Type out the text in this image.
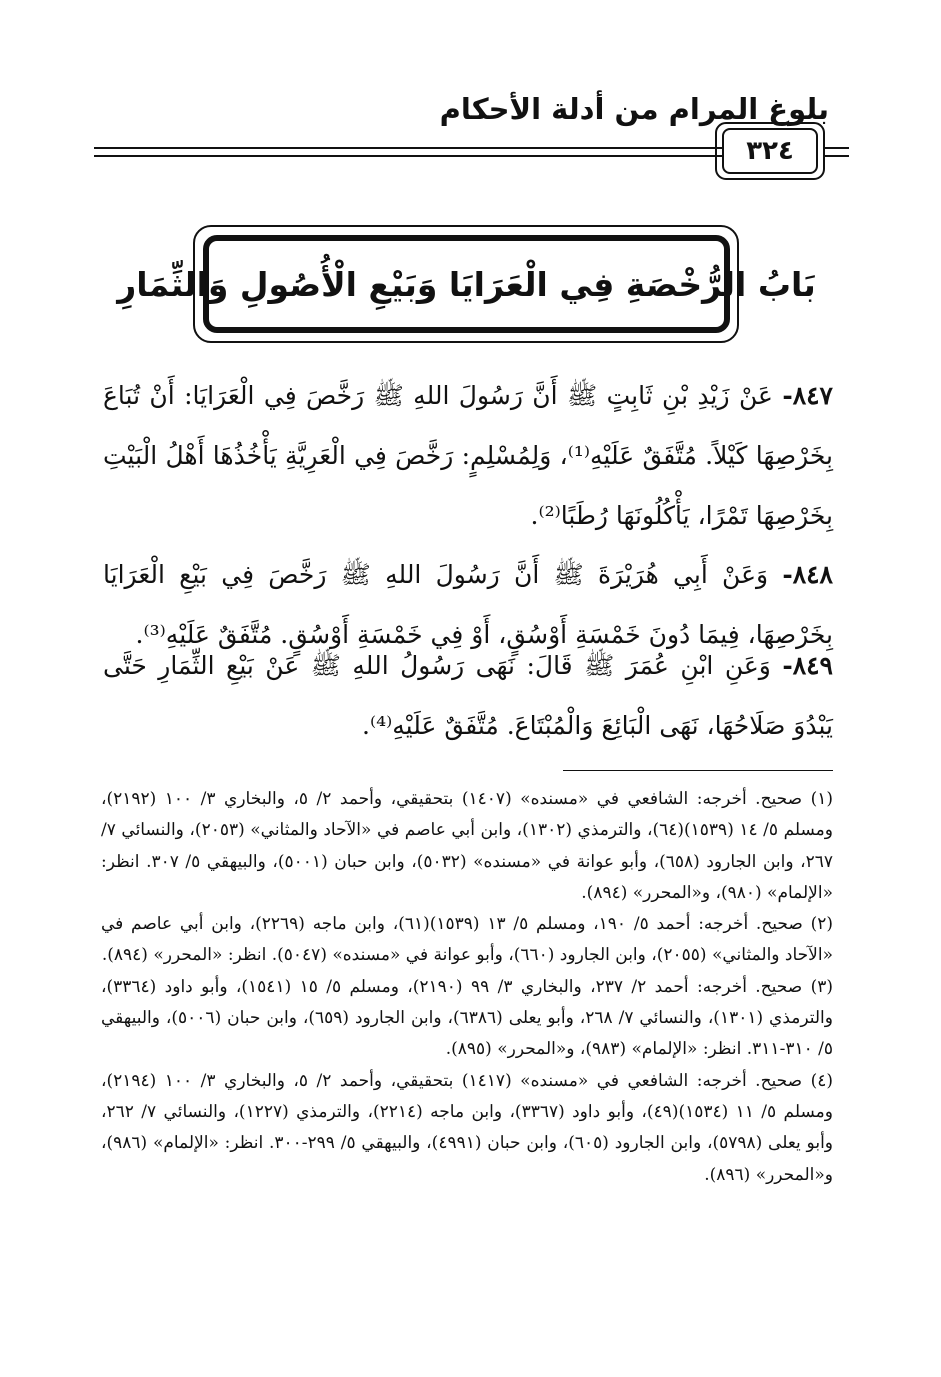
بلوغ المرام من أدلة الأحكام
٣٢٤
بَابُ الرُّخْصَةِ فِي الْعَرَايَا وَبَيْعِ الْأُصُولِ وَالثِّمَارِ
٨٤٧- عَنْ زَيْدِ بْنِ ثَابِتٍ ﷺ أَنَّ رَسُولَ اللهِ ﷺ رَخَّصَ فِي الْعَرَايَا: أَنْ تُبَاعَ بِخَرْصِهَا كَيْلاً. مُتَّفَقٌ عَلَيْهِ⁽¹⁾، وَلِمُسْلِمٍ: رَخَّصَ فِي الْعَرِيَّةِ يَأْخُذُهَا أَهْلُ الْبَيْتِ بِخَرْصِهَا تَمْرًا، يَأْكُلُونَهَا رُطَبًا⁽²⁾.
٨٤٨- وَعَنْ أَبِي هُرَيْرَةَ ﷺ أَنَّ رَسُولَ اللهِ ﷺ رَخَّصَ فِي بَيْعِ الْعَرَايَا بِخَرْصِهَا، فِيمَا دُونَ خَمْسَةِ أَوْسُقٍ، أَوْ فِي خَمْسَةِ أَوْسُقٍ. مُتَّفَقٌ عَلَيْهِ⁽³⁾.
٨٤٩- وَعَنِ ابْنِ عُمَرَ ﷺ قَالَ: نَهَى رَسُولُ اللهِ ﷺ عَنْ بَيْعِ الثِّمَارِ حَتَّى يَبْدُوَ صَلَاحُهَا، نَهَى الْبَائِعَ وَالْمُبْتَاعَ. مُتَّفَقٌ عَلَيْهِ⁽⁴⁾.

(١) صحيح. أخرجه: الشافعي في «مسنده» (١٤٠٧) بتحقيقي، وأحمد ٢/ ٥، والبخاري ٣/ ١٠٠ (٢١٩٢)، ومسلم ٥/ ١٤ (١٥٣٩)(٦٤)، والترمذي (١٣٠٢)، وابن أبي عاصم في «الآحاد والمثاني» (٢٠٥٣)، والنسائي ٧/ ٢٦٧، وابن الجارود (٦٥٨)، وأبو عوانة في «مسنده» (٥٠٣٢)، وابن حبان (٥٠٠١)، والبيهقي ٥/ ٣٠٧. انظر: «الإلمام» (٩٨٠)، و«المحرر» (٨٩٤).

(٢) صحيح. أخرجه: أحمد ٥/ ١٩٠، ومسلم ٥/ ١٣ (١٥٣٩)(٦١)، وابن ماجه (٢٢٦٩)، وابن أبي عاصم في «الآحاد والمثاني» (٢٠٥٥)، وابن الجارود (٦٦٠)، وأبو عوانة في «مسنده» (٥٠٤٧). انظر: «المحرر» (٨٩٤).

(٣) صحيح. أخرجه: أحمد ٢/ ٢٣٧، والبخاري ٣/ ٩٩ (٢١٩٠)، ومسلم ٥/ ١٥ (١٥٤١)، وأبو داود (٣٣٦٤)، والترمذي (١٣٠١)، والنسائي ٧/ ٢٦٨، وأبو يعلى (٦٣٨٦)، وابن الجارود (٦٥٩)، وابن حبان (٥٠٠٦)، والبيهقي ٥/ ٣١٠-٣١١. انظر: «الإلمام» (٩٨٣)، و«المحرر» (٨٩٥).

(٤) صحيح. أخرجه: الشافعي في «مسنده» (١٤١٧) بتحقيقي، وأحمد ٢/ ٥، والبخاري ٣/ ١٠٠ (٢١٩٤)، ومسلم ٥/ ١١ (١٥٣٤)(٤٩)، وأبو داود (٣٣٦٧)، وابن ماجه (٢٢١٤)، والترمذي (١٢٢٧)، والنسائي ٧/ ٢٦٢، وأبو يعلى (٥٧٩٨)، وابن الجارود (٦٠٥)، وابن حبان (٤٩٩١)، والبيهقي ٥/ ٢٩٩-٣٠٠. انظر: «الإلمام» (٩٨٦)، و«المحرر» (٨٩٦).
